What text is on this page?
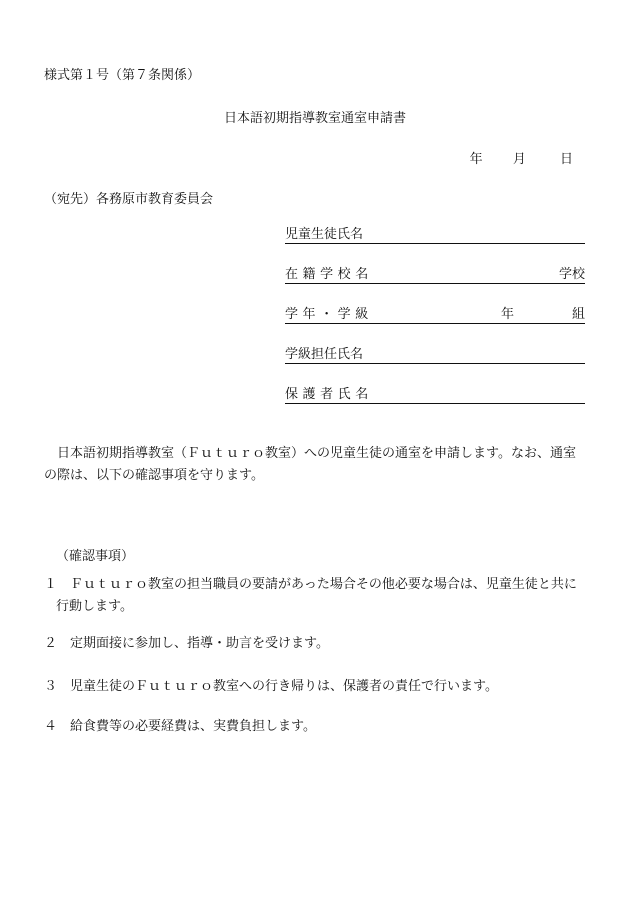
様式第１号（第７条関係）
日本語初期指導教室通室申請書
年 月	日
（宛先）各務原市教育委員会
児童生徒氏名
在籍学校名	学校
学年・学級	年	組
学級担任氏名
保護者氏名
日本語初期指導教室（Ｆｕｔｕｒｏ教室）への児童生徒の通室を申請します。なお、通室の際は、以下の確認事項を守ります。
（確認事項）
１ Ｆｕｔｕｒｏ教室の担当職員の要請があった場合その他必要な場合は、児童生徒と共に
行動します。
２ 定期面接に参加し、指導・助言を受けます。
３ 児童生徒のＦｕｔｕｒｏ教室への行き帰りは、保護者の責任で行います。
４ 給食費等の必要経費は、実費負担します。
